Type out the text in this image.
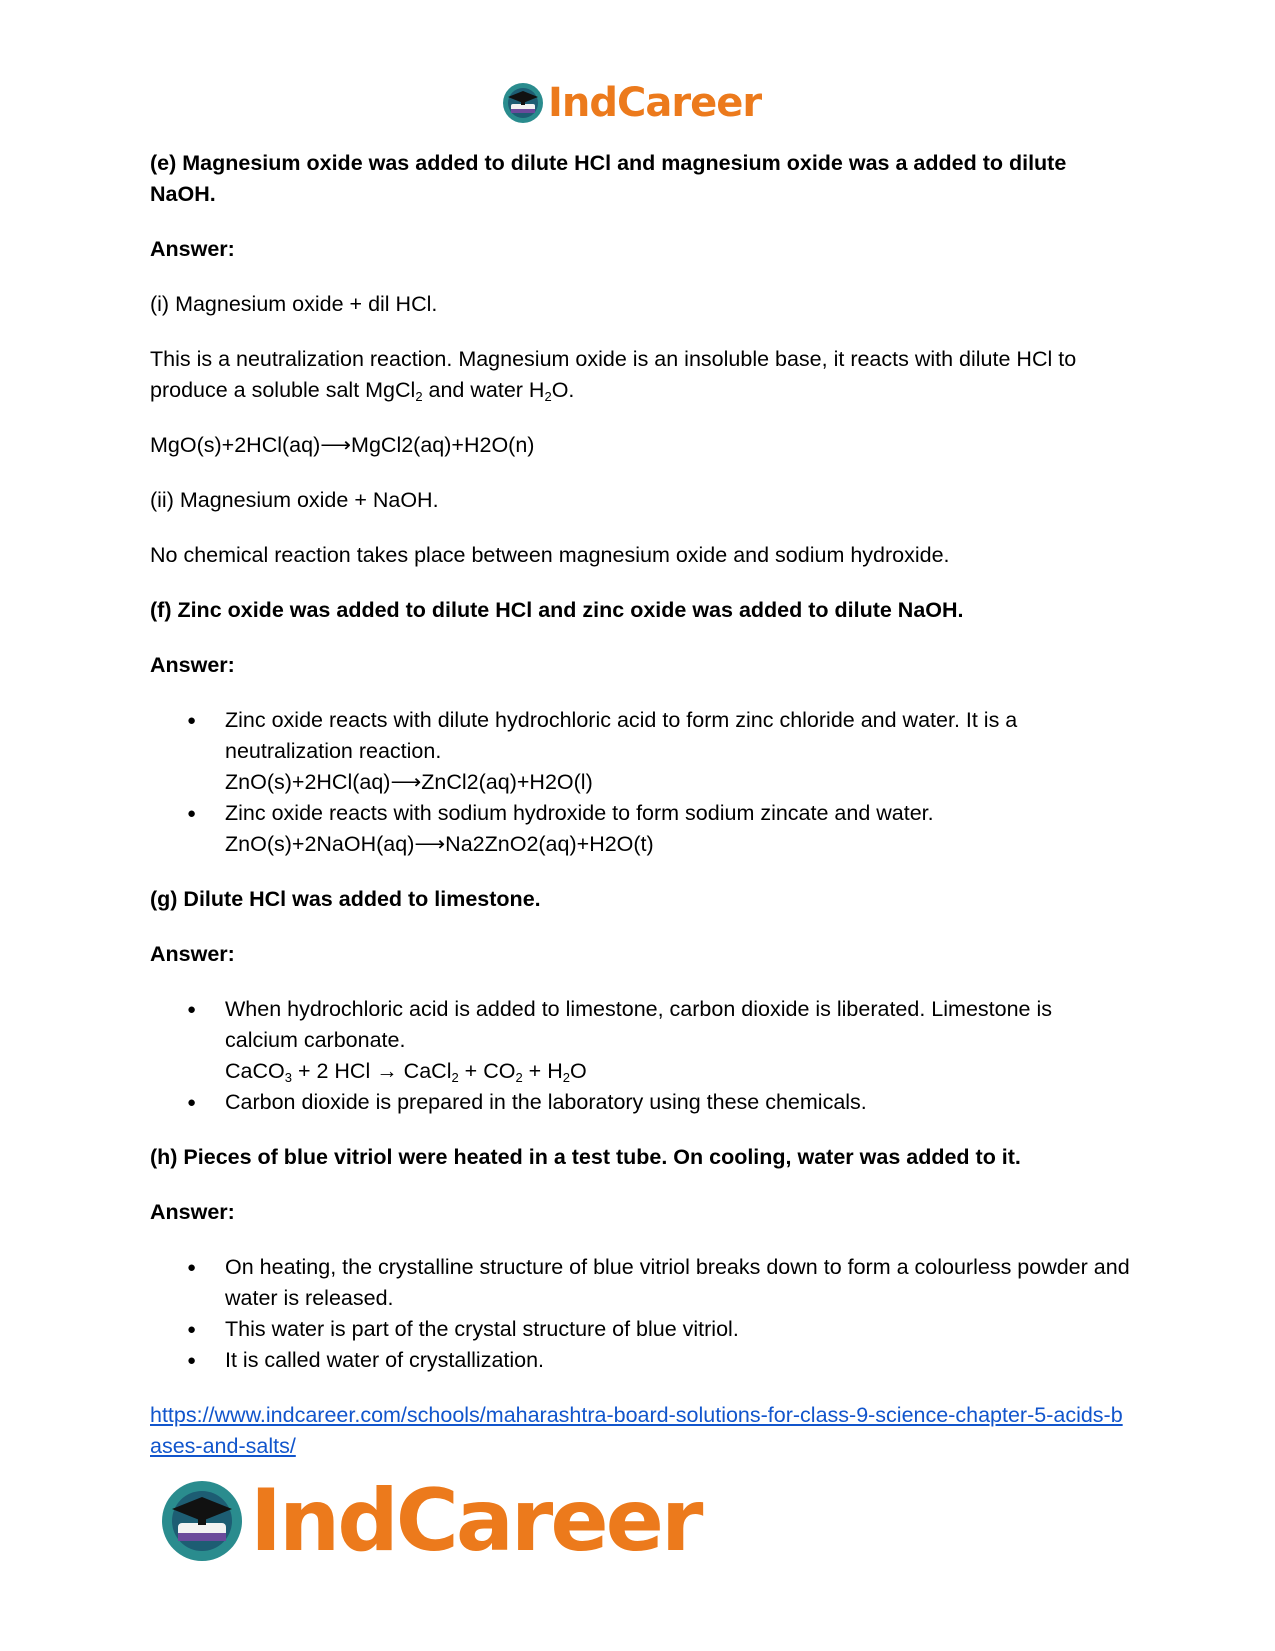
IndCareer

(e) Magnesium oxide was added to dilute HCl and magnesium oxide was a added to dilute NaOH.

Answer:

(i) Magnesium oxide + dil HCl.

This is a neutralization reaction. Magnesium oxide is an insoluble base, it reacts with dilute HCl to produce a soluble salt MgCl$_2$ and water $H_2O$.

MgO(s)+2HCl(aq)⟶MgCl2(aq)+H2O(n)

(ii) Magnesium oxide + NaOH.

No chemical reaction takes place between magnesium oxide and sodium hydroxide.

(f) Zinc oxide was added to dilute HCl and zinc oxide was added to dilute NaOH.

Answer:

● Zinc oxide reacts with dilute hydrochloric acid to form zinc chloride and water. It is a neutralization reaction.
ZnO(s)+2HCl(aq)⟶ZnCl2(aq)+H2O(l)
● Zinc oxide reacts with sodium hydroxide to form sodium zincate and water.
ZnO(s)+2NaOH(aq)⟶Na2ZnO2(aq)+H2O(t)

(g) Dilute HCl was added to limestone.

Answer:

● When hydrochloric acid is added to limestone, carbon dioxide is liberated. Limestone is calcium carbonate.
CaCO$_3$ + 2 HCl → CaCl$_2$ + $CO_2 + H_2O$
● Carbon dioxide is prepared in the laboratory using these chemicals.

(h) Pieces of blue vitriol were heated in a test tube. On cooling, water was added to it.

Answer:

● On heating, the crystalline structure of blue vitriol breaks down to form a colourless powder and water is released.
● This water is part of the crystal structure of blue vitriol.
● It is called water of crystallization.

https://www.indcareer.com/schools/maharashtra-board-solutions-for-class-9-science-chapter-5-acids-bases-and-salts/

IndCareer
